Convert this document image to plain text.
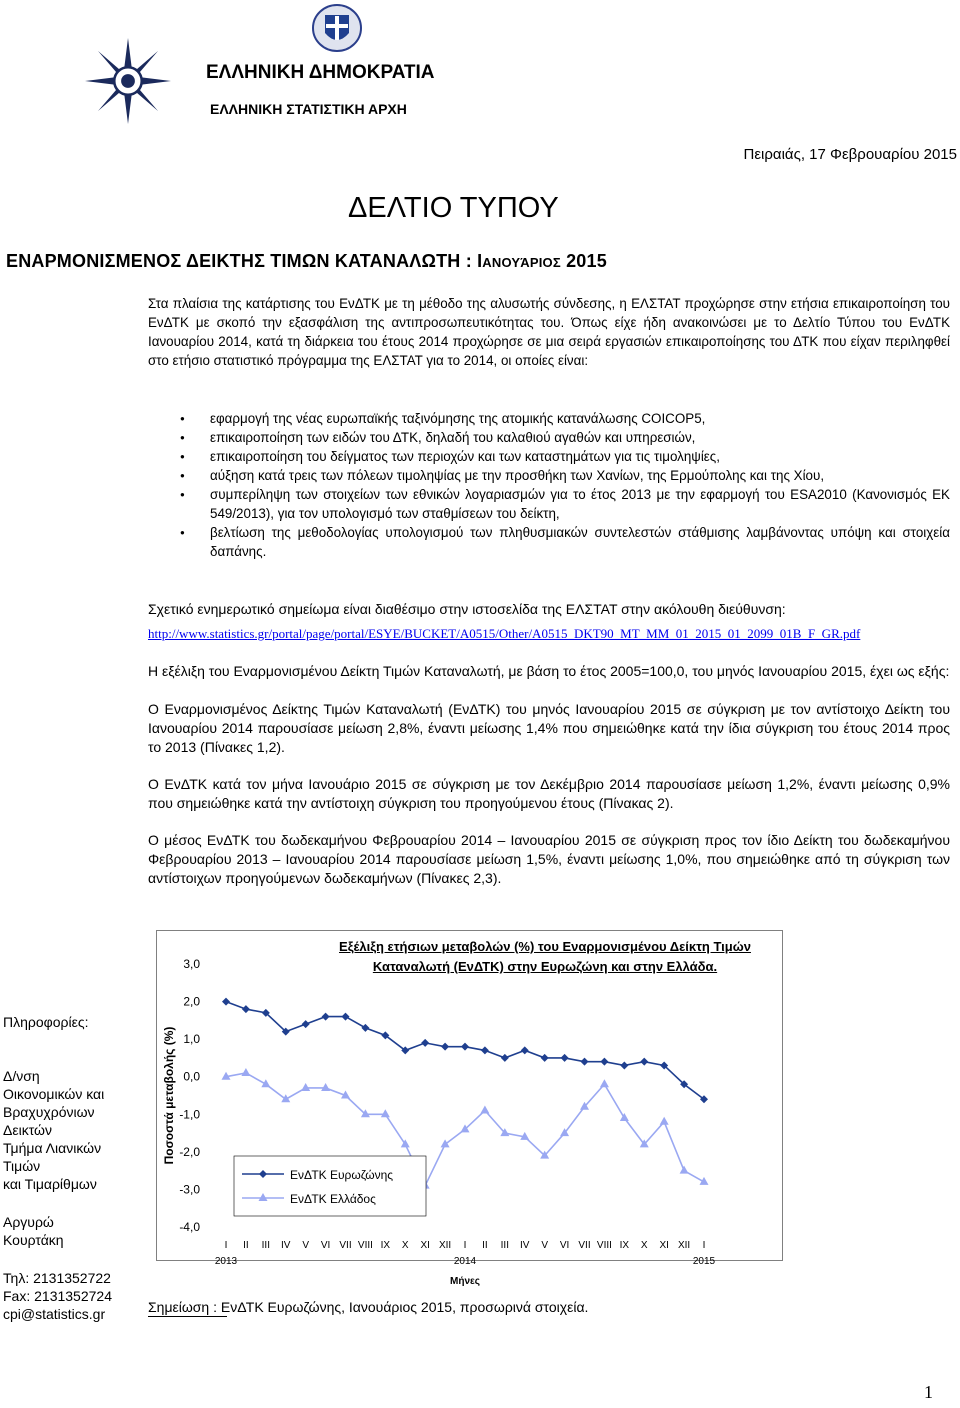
ΕΛΛΗΝΙΚΗ ΔΗΜΟΚΡΑΤΙΑ
ΕΛΛΗΝΙΚΗ ΣΤΑΤΙΣΤΙΚΗ ΑΡΧΗ
Πειραιάς, 17 Φεβρουαρίου 2015
ΔΕΛΤΙΟ ΤΥΠΟΥ
ΕΝΑΡΜΟΝΙΣΜΕΝΟΣ ΔΕΙΚΤΗΣ ΤΙΜΩΝ ΚΑΤΑΝΑΛΩΤΗ : Ιανουάριος 2015
Στα πλαίσια της κατάρτισης του ΕνΔΤΚ με τη μέθοδο της αλυσωτής σύνδεσης, η ΕΛΣΤΑΤ προχώρησε στην ετήσια επικαιροποίηση του ΕνΔΤΚ με σκοπό την εξασφάλιση της αντιπροσωπευτικότητας του. Όπως είχε ήδη ανακοινώσει με το Δελτίο Τύπου του ΕνΔΤΚ Ιανουαρίου 2014, κατά τη διάρκεια του έτους 2014 προχώρησε σε μια σειρά εργασιών επικαιροποίησης του ΔΤΚ που είχαν περιληφθεί στο ετήσιο στατιστικό πρόγραμμα της ΕΛΣΤΑΤ για το 2014, οι οποίες είναι:
● εφαρμογή της νέας ευρωπαϊκής ταξινόμησης της ατομικής κατανάλωσης COICOP5,
● επικαιροποίηση των ειδών του ΔΤΚ, δηλαδή του καλαθιού αγαθών και υπηρεσιών,
● επικαιροποίηση του δείγματος των περιοχών και των καταστημάτων για τις τιμοληψίες,
● αύξηση κατά τρεις των πόλεων τιμοληψίας με την προσθήκη των Χανίων, της Ερμούπολης και της Χίου,
● συμπερίληψη των στοιχείων των εθνικών λογαριασμών για το έτος 2013 με την εφαρμογή του ESA2010 (Κανονισμός ΕΚ 549/2013), για τον υπολογισμό των σταθμίσεων του δείκτη,
● βελτίωση της μεθοδολογίας υπολογισμού των πληθυσμιακών συντελεστών στάθμισης λαμβάνοντας υπόψη και στοιχεία δαπάνης.
Σχετικό ενημερωτικό σημείωμα είναι διαθέσιμο στην ιστοσελίδα της ΕΛΣΤΑΤ στην ακόλουθη διεύθυνση:
http://www.statistics.gr/portal/page/portal/ESYE/BUCKET/A0515/Other/A0515_DKT90_MT_MM_01_2015_01_2099_01B_F_GR.pdf
Η εξέλιξη του Εναρμονισμένου Δείκτη Τιμών Καταναλωτή, με βάση το έτος 2005=100,0, του μηνός Ιανουαρίου 2015, έχει ως εξής:
Ο Εναρμονισμένος Δείκτης Τιμών Καταναλωτή (ΕνΔΤΚ) του μηνός Ιανουαρίου 2015 σε σύγκριση με τον αντίστοιχο Δείκτη του Ιανουαρίου 2014 παρουσίασε μείωση 2,8%, έναντι μείωσης 1,4% που σημειώθηκε κατά την ίδια σύγκριση του έτους 2014 προς το 2013 (Πίνακες 1,2).
Ο ΕνΔΤΚ κατά τον μήνα Ιανουάριο 2015 σε σύγκριση με τον Δεκέμβριο 2014 παρουσίασε μείωση 1,2%, έναντι μείωσης 0,9% που σημειώθηκε κατά την αντίστοιχη σύγκριση του προηγούμενου έτους (Πίνακας 2).
Ο μέσος ΕνΔΤΚ του δωδεκαμήνου Φεβρουαρίου 2014 – Ιανουαρίου 2015 σε σύγκριση προς τον ίδιο Δείκτη του δωδεκαμήνου Φεβρουαρίου 2013 – Ιανουαρίου 2014 παρουσίασε μείωση 1,5%, έναντι μείωσης 1,0%, που σημειώθηκε από τη σύγκριση των αντίστοιχων προηγούμενων δωδεκαμήνων (Πίνακες 2,3).
Πληροφορίες:
Δ/νση
Οικονομικών και
Βραχυχρόνιων
Δεικτών
Τμήμα Λιανικών
Τιμών
και Τιμαρίθμων
Αργυρώ
Κουρτάκη
Τηλ: 2131352722
Fax: 2131352724
cpi@statistics.gr
Εξέλιξη ετήσιων μεταβολών (%) του Εναρμονισμένου Δείκτη Τιμών
Καταναλωτή (ΕνΔΤΚ) στην Ευρωζώνη και στην Ελλάδα.
3,0
2,0
1,0
0,0
-1,0
-2,0
-3,0
-4,0
Ποσοστά μεταβολής (%)
I II III IV V VI VII VIII IX X XI XII I II III IV V VI VII VIII IX X XI XII I
2013	2014	2015
Μήνες
ΕνΔΤΚ Ευρωζώνης
ΕνΔΤΚ Ελλάδος
Σημείωση : ΕνΔΤΚ Ευρωζώνης, Ιανουάριος 2015, προσωρινά στοιχεία.
1
